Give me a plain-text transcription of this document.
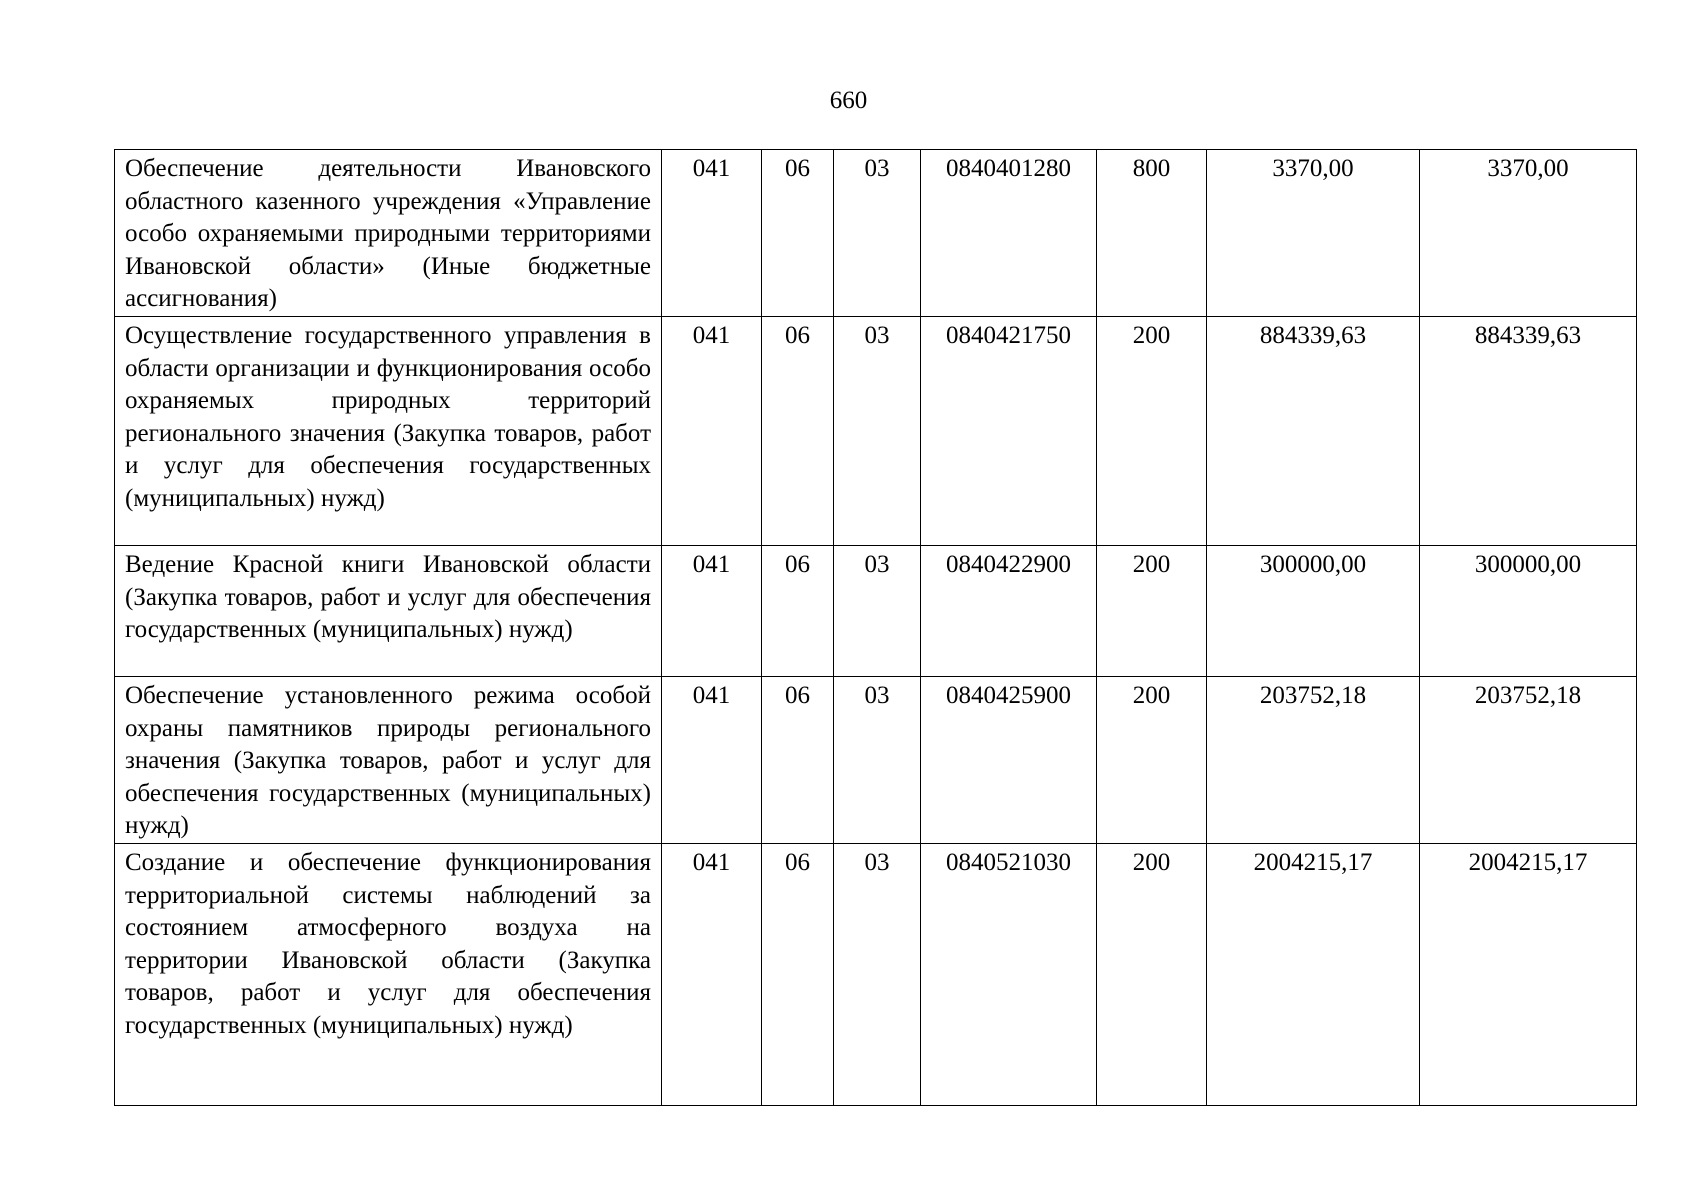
660
Обеспечение деятельности Ивановского областного казенного учреждения «Управление особо охраняемыми природными территориями Ивановской области» (Иные бюджетные ассигнования)	041	06	03	0840401280	800	3370,00	3370,00
Осуществление государственного управления в области организации и функционирования особо охраняемых природных территорий регионального значения (Закупка товаров, работ и услуг для обеспечения государственных (муниципальных) нужд)	041	06	03	0840421750	200	884339,63	884339,63
Ведение Красной книги Ивановской области (Закупка товаров, работ и услуг для обеспечения государственных (муниципальных) нужд)	041	06	03	0840422900	200	300000,00	300000,00
Обеспечение установленного режима особой охраны памятников природы регионального значения (Закупка товаров, работ и услуг для обеспечения государственных (муниципальных) нужд)	041	06	03	0840425900	200	203752,18	203752,18
Создание и обеспечение функционирования территориальной системы наблюдений за состоянием атмосферного воздуха на территории Ивановской области (Закупка товаров, работ и услуг для обеспечения государственных (муниципальных) нужд)	041	06	03	0840521030	200	2004215,17	2004215,17
